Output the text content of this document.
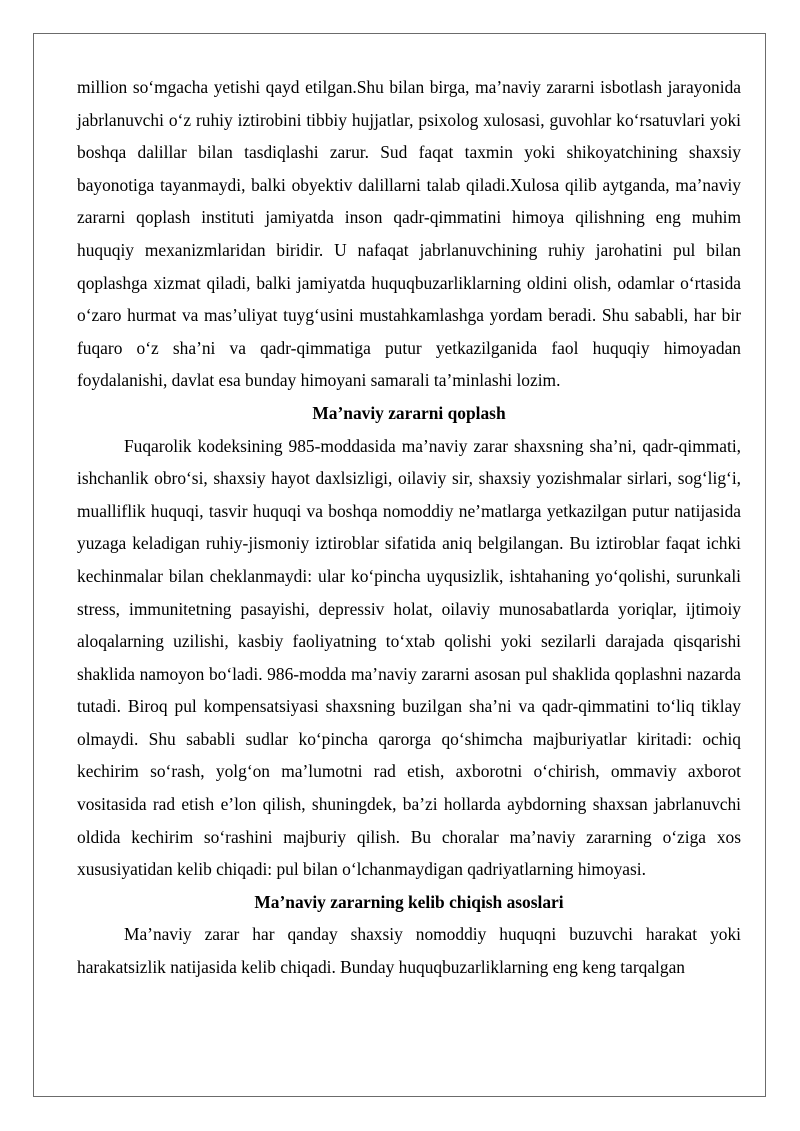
million so‘mgacha yetishi qayd etilgan.Shu bilan birga, ma’naviy zararni isbotlash jarayonida jabrlanuvchi o‘z ruhiy iztirobini tibbiy hujjatlar, psixolog xulosasi, guvohlar ko‘rsatuvlari yoki boshqa dalillar bilan tasdiqlashi zarur. Sud faqat taxmin yoki shikoyatchining shaxsiy bayonotiga tayanmaydi, balki obyektiv dalillarni talab qiladi.Xulosa qilib aytganda, ma’naviy zararni qoplash instituti jamiyatda inson qadr-qimmatini himoya qilishning eng muhim huquqiy mexanizmlaridan biridir. U nafaqat jabrlanuvchining ruhiy jarohatini pul bilan qoplashga xizmat qiladi, balki jamiyatda huquqbuzarliklarning oldini olish, odamlar o‘rtasida o‘zaro hurmat va mas’uliyat tuyg‘usini mustahkamlashga yordam beradi. Shu sababli, har bir fuqaro o‘z sha’ni va qadr-qimmatiga putur yetkazilganida faol huquqiy himoyadan foydalanishi, davlat esa bunday himoyani samarali ta’minlashi lozim.

Ma’naviy zararni qoplash

Fuqarolik kodeksining 985-moddasida ma’naviy zarar shaxsning sha’ni, qadr-qimmati, ishchanlik obro‘si, shaxsiy hayot daxlsizligi, oilaviy sir, shaxsiy yozishmalar sirlari, sog‘lig‘i, mualliflik huquqi, tasvir huquqi va boshqa nomoddiy ne’matlarga yetkazilgan putur natijasida yuzaga keladigan ruhiy-jismoniy iztiroblar sifatida aniq belgilangan. Bu iztiroblar faqat ichki kechinmalar bilan cheklanmaydi: ular ko‘pincha uyqusizlik, ishtahaning yo‘qolishi, surunkali stress, immunitetning pasayishi, depressiv holat, oilaviy munosabatlarda yoriqlar, ijtimoiy aloqalarning uzilishi, kasbiy faoliyatning to‘xtab qolishi yoki sezilarli darajada qisqarishi shaklida namoyon bo‘ladi. 986-modda ma’naviy zararni asosan pul shaklida qoplashni nazarda tutadi. Biroq pul kompensatsiyasi shaxsning buzilgan sha’ni va qadr-qimmatini to‘liq tiklay olmaydi. Shu sababli sudlar ko‘pincha qarorga qo‘shimcha majburiyatlar kiritadi: ochiq kechirim so‘rash, yolg‘on ma’lumotni rad etish, axborotni o‘chirish, ommaviy axborot vositasida rad etish e’lon qilish, shuningdek, ba’zi hollarda aybdorning shaxsan jabrlanuvchi oldida kechirim so‘rashini majburiy qilish. Bu choralar ma’naviy zararning o‘ziga xos xususiyatidan kelib chiqadi: pul bilan o‘lchanmaydigan qadriyatlarning himoyasi.

Ma’naviy zararning kelib chiqish asoslari

Ma’naviy zarar har qanday shaxsiy nomoddiy huquqni buzuvchi harakat yoki harakatsizlik natijasida kelib chiqadi. Bunday huquqbuzarliklarning eng keng tarqalgan
